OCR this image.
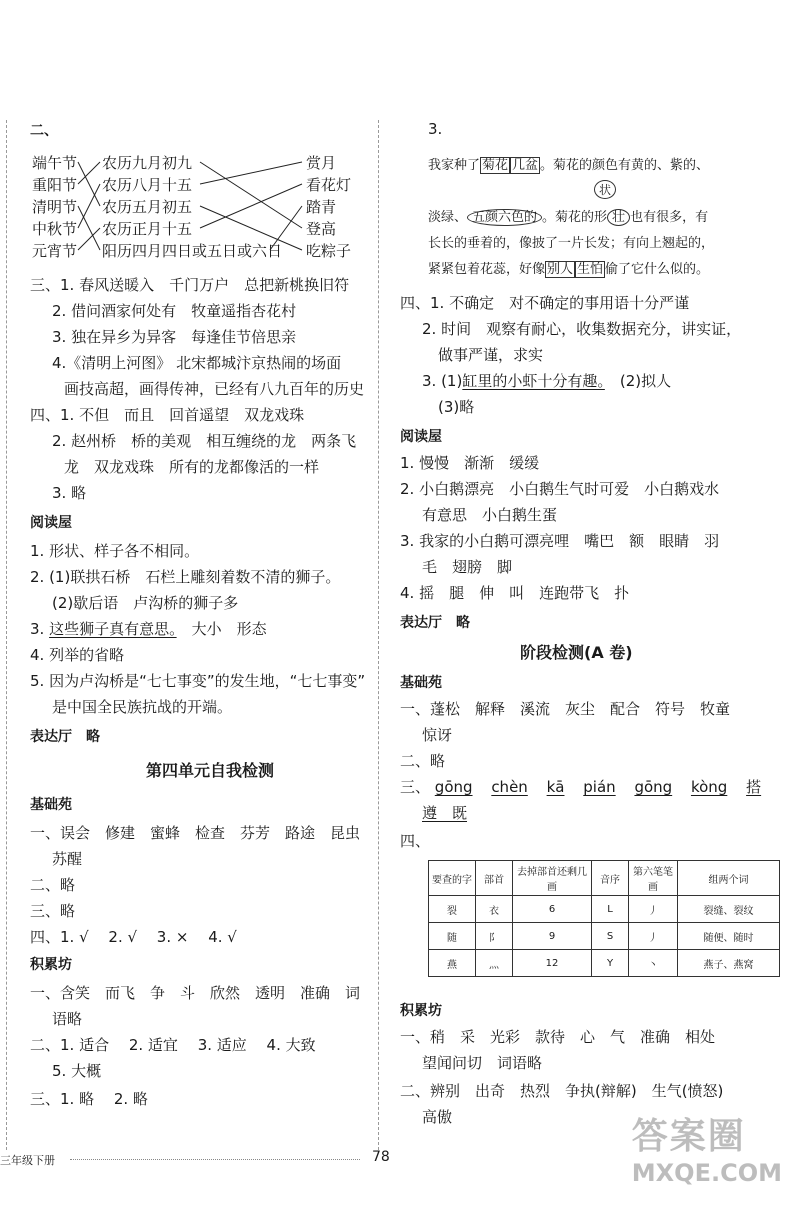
二、
端午节
重阳节
清明节
中秋节
元宵节
农历九月初九
农历八月十五
农历五月初五
农历正月十五
阳历四月四日或五日或六日
赏月
看花灯
踏青
登高
吃粽子
三、1. 春风送暖入　千门万户　总把新桃换旧符
2. 借问酒家何处有　牧童遥指杏花村
3. 独在异乡为异客　每逢佳节倍思亲
4.《清明上河图》 北宋都城汴京热闹的场面
画技高超，画得传神，已经有八九百年的历史
四、1. 不但　而且　回首遥望　双龙戏珠
2. 赵州桥　桥的美观　相互缠绕的龙　两条飞
龙　双龙戏珠　所有的龙都像活的一样
3. 略
阅读屋
1. 形状、样子各不相同。
2. (1)联拱石桥　石栏上雕刻着数不清的狮子。
(2)歇后语　卢沟桥的狮子多
3. 这些狮子真有意思。　大小　形态
4. 列举的省略
5. 因为卢沟桥是“七七事变”的发生地，“七七事变”
是中国全民族抗战的开端。
表达厅　略
第四单元自我检测
基础苑
一、误会　修建　蜜蜂　检查　芬芳　路途　昆虫
苏醒
二、略
三、略
四、1. √　 2. √　 3. ×　 4. √
积累坊
一、含笑　而飞　争　斗　欣然　透明　准确　词
语略
二、1. 适合　 2. 适宜　 3. 适应　 4. 大致
5. 大概
三、1. 略　 2. 略
3.
我家种了 菊花 几盆 。菊花的颜色有黄的、紫的、
状
淡绿、 五颜六色的 。菊花的形 壮 也有很多，有
长长的垂着的，像披了一片长发；有向上翘起的，
紧紧包着花蕊，好像 别人 生怕 偷了它什么似的。
四、1. 不确定　对不确定的事用语十分严谨
2. 时间　观察有耐心，收集数据充分，讲实证，
做事严谨，求实
3. (1)缸里的小虾十分有趣。　(2)拟人
(3)略
阅读屋
1. 慢慢　渐渐　缓缓
2. 小白鹅漂亮　小白鹅生气时可爱　小白鹅戏水
有意思　小白鹅生蛋
3. 我家的小白鹅可漂亮哩　嘴巴　额　眼睛　羽
毛　翅膀　脚
4. 摇　腿　伸　叫　连跑带飞　扑
表达厅　略
阶段检测(A 卷)
基础苑
一、蓬松　解释　溪流　灰尘　配合　符号　牧童
惊讶
二、略
三、 gōng chèn kā pián gōng kòng 搭
遵　既
四、
要查的字	部首	去掉部首还剩几画	音序	第六笔笔画	组两个词
裂	衣	6	L	丿	裂缝、裂纹
随	阝	9	S	丿	随便、随时
燕	灬	12	Y	丶	燕子、燕窝
积累坊
一、稍　采　光彩　款待　心　气　准确　相处
望闻问切　词语略
二、辨别　出奇　热烈　争执(辩解)　生气(愤怒)
高傲
三年级下册	78	答案圈
MXQE.COM
